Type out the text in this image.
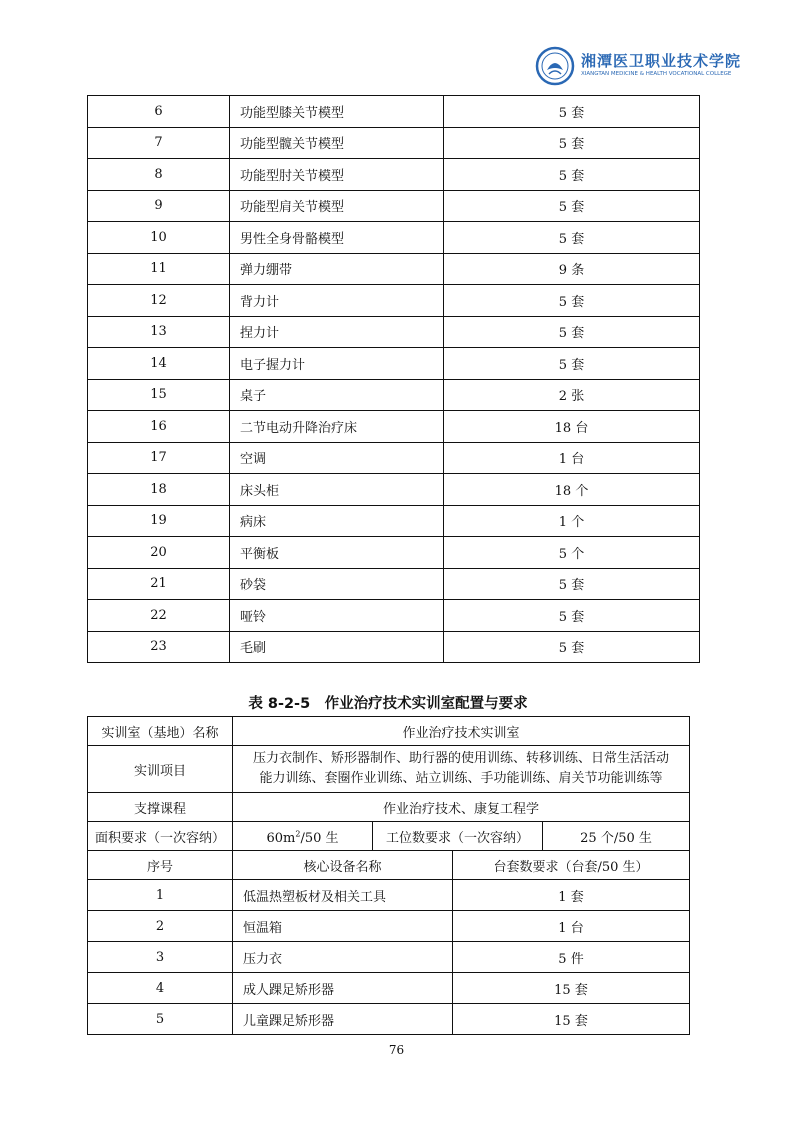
湘潭医卫职业技术学院
XIANGTAN MEDICINE & HEALTH VOCATIONAL COLLEGE
6	功能型膝关节模型	5 套
7	功能型髋关节模型	5 套
8	功能型肘关节模型	5 套
9	功能型肩关节模型	5 套
10	男性全身骨骼模型	5 套
11	弹力绷带	9 条
12	背力计	5 套
13	捏力计	5 套
14	电子握力计	5 套
15	桌子	2 张
16	二节电动升降治疗床	18 台
17	空调	1 台
18	床头柜	18 个
19	病床	1 个
20	平衡板	5 个
21	砂袋	5 套
22	哑铃	5 套
23	毛刷	5 套
表 8-2-5　作业治疗技术实训室配置与要求
实训室（基地）名称	作业治疗技术实训室			
实训项目	压力衣制作、矫形器制作、助行器的使用训练、转移训练、日常生活活动
能力训练、套圈作业训练、站立训练、手功能训练、肩关节功能训练等			

支撑课程	作业治疗技术、康复工程学			
面积要求（一次容纳）	$60m^2/50$ 生	工位数要求（一次容纳）		25 个/50 生
序号	核心设备名称		台套数要求（台套/50 生）	
1	低温热塑板材及相关工具		1 套	
2	恒温箱		1 台	
3	压力衣		5 件	
4	成人踝足矫形器		15 套	
5	儿童踝足矫形器		15 套	
76
